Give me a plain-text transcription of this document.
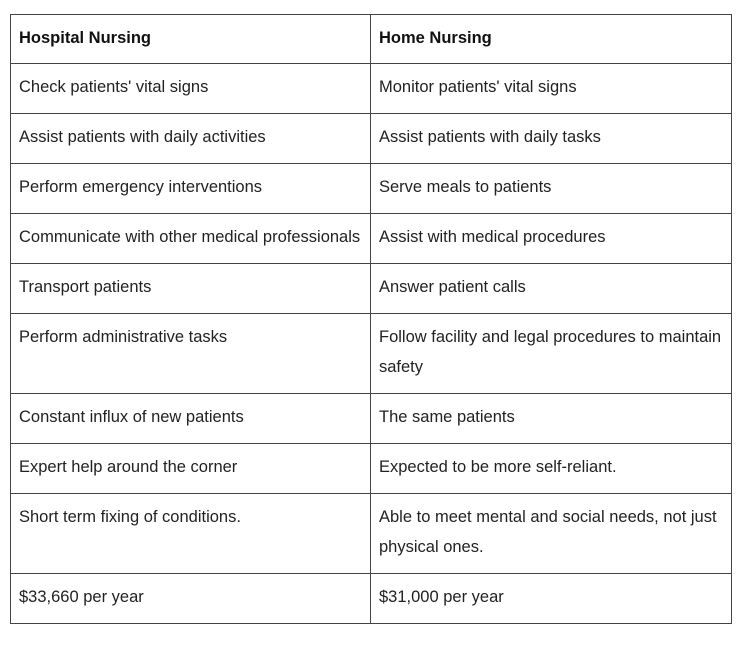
Hospital Nursing	Home Nursing
Check patients' vital signs	Monitor patients' vital signs
Assist patients with daily activities	Assist patients with daily tasks
Perform emergency interventions	Serve meals to patients
Communicate with other medical professionals	Assist with medical procedures
Transport patients	Answer patient calls
Perform administrative tasks	Follow facility and legal procedures to maintain safety
Constant influx of new patients	The same patients
Expert help around the corner	Expected to be more self-reliant.
Short term fixing of conditions.	Able to meet mental and social needs, not just physical ones.
$33,660 per year	$31,000 per year
